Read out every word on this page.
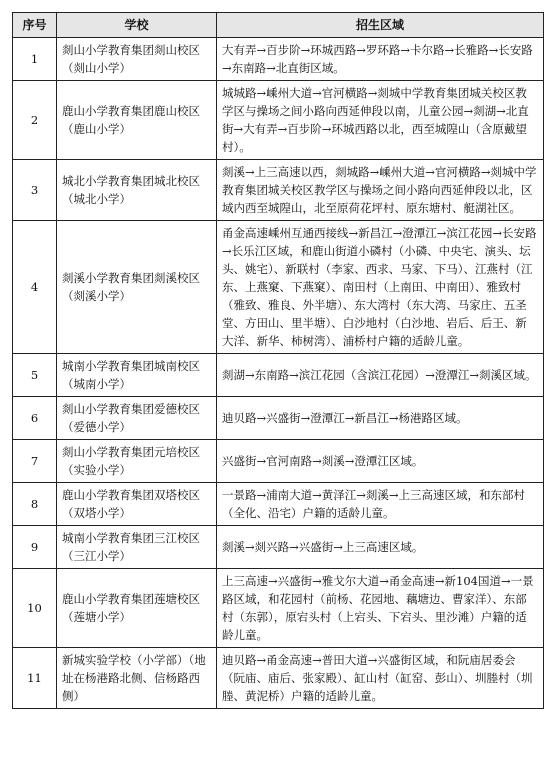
序号	学校	招生区域
1	剡山小学教育集团剡山校区（剡山小学）	大有弄→百步阶→环城西路→罗环路→卡尔路→长雅路→长安路→东南路→北直街区域。
2	鹿山小学教育集团鹿山校区（鹿山小学）	城城路→嵊州大道→官河横路→剡城中学教育集团城关校区教学区与操场之间小路向西延伸段以南，儿童公园→剡湖→北直街→大有弄→百步阶→环城西路以北，西至城隍山（含原戴望村）。
3	城北小学教育集团城北校区（城北小学）	剡溪→上三高速以西，剡城路→嵊州大道→官河横路→剡城中学教育集团城关校区教学区与操场之间小路向西延伸段以北，区域内西至城隍山，北至原荷花坪村、原东塘村、艇湖社区。
4	剡溪小学教育集团剡溪校区（剡溪小学）	甬金高速嵊州互通西接线→新昌江→澄潭江→滨江花园→长安路→长乐江区域，和鹿山街道小磷村（小磷、中央宅、演头、坛头、姚宅）、新联村（李家、西求、马家、下马）、江燕村（江东、上燕窠、下燕窠）、南田村（上南田、中南田）、雅致村（雅致、雅良、外半塘）、东大湾村（东大湾、马家庄、五圣堂、方田山、里半塘）、白沙地村（白沙地、岩后、后王、新大洋、新华、柿树湾）、浦桥村户籍的适龄儿童。
5	城南小学教育集团城南校区（城南小学）	剡湖→东南路→滨江花园（含滨江花园）→澄潭江→剡溪区域。
6	剡山小学教育集团爱德校区（爱德小学）	迪贝路→兴盛街→澄潭江→新昌江→杨港路区域。
7	剡山小学教育集团元培校区（实验小学）	兴盛街→官河南路→剡溪→澄潭江区域。
8	鹿山小学教育集团双塔校区（双塔小学）	一景路→浦南大道→黄泽江→剡溪→上三高速区域，和东部村（全化、沿宅）户籍的适龄儿童。
9	城南小学教育集团三江校区（三江小学）	剡溪→剡兴路→兴盛街→上三高速区域。
10	鹿山小学教育集团莲塘校区（莲塘小学）	上三高速→兴盛街→雅戈尔大道→甬金高速→新104国道→一景路区域，和花园村（前杨、花园地、藕塘边、曹家洋）、东部村（东郭），原宕头村（上宕头、下宕头、里沙滩）户籍的适龄儿童。
11	新城实验学校（小学部）（地址在杨港路北侧、信杨路西侧）	迪贝路→甬金高速→普田大道→兴盛街区域，和阮庙居委会（阮庙、庙后、张家殿）、缸山村（缸窑、彭山）、圳塍村（圳塍、黄泥桥）户籍的适龄儿童。
